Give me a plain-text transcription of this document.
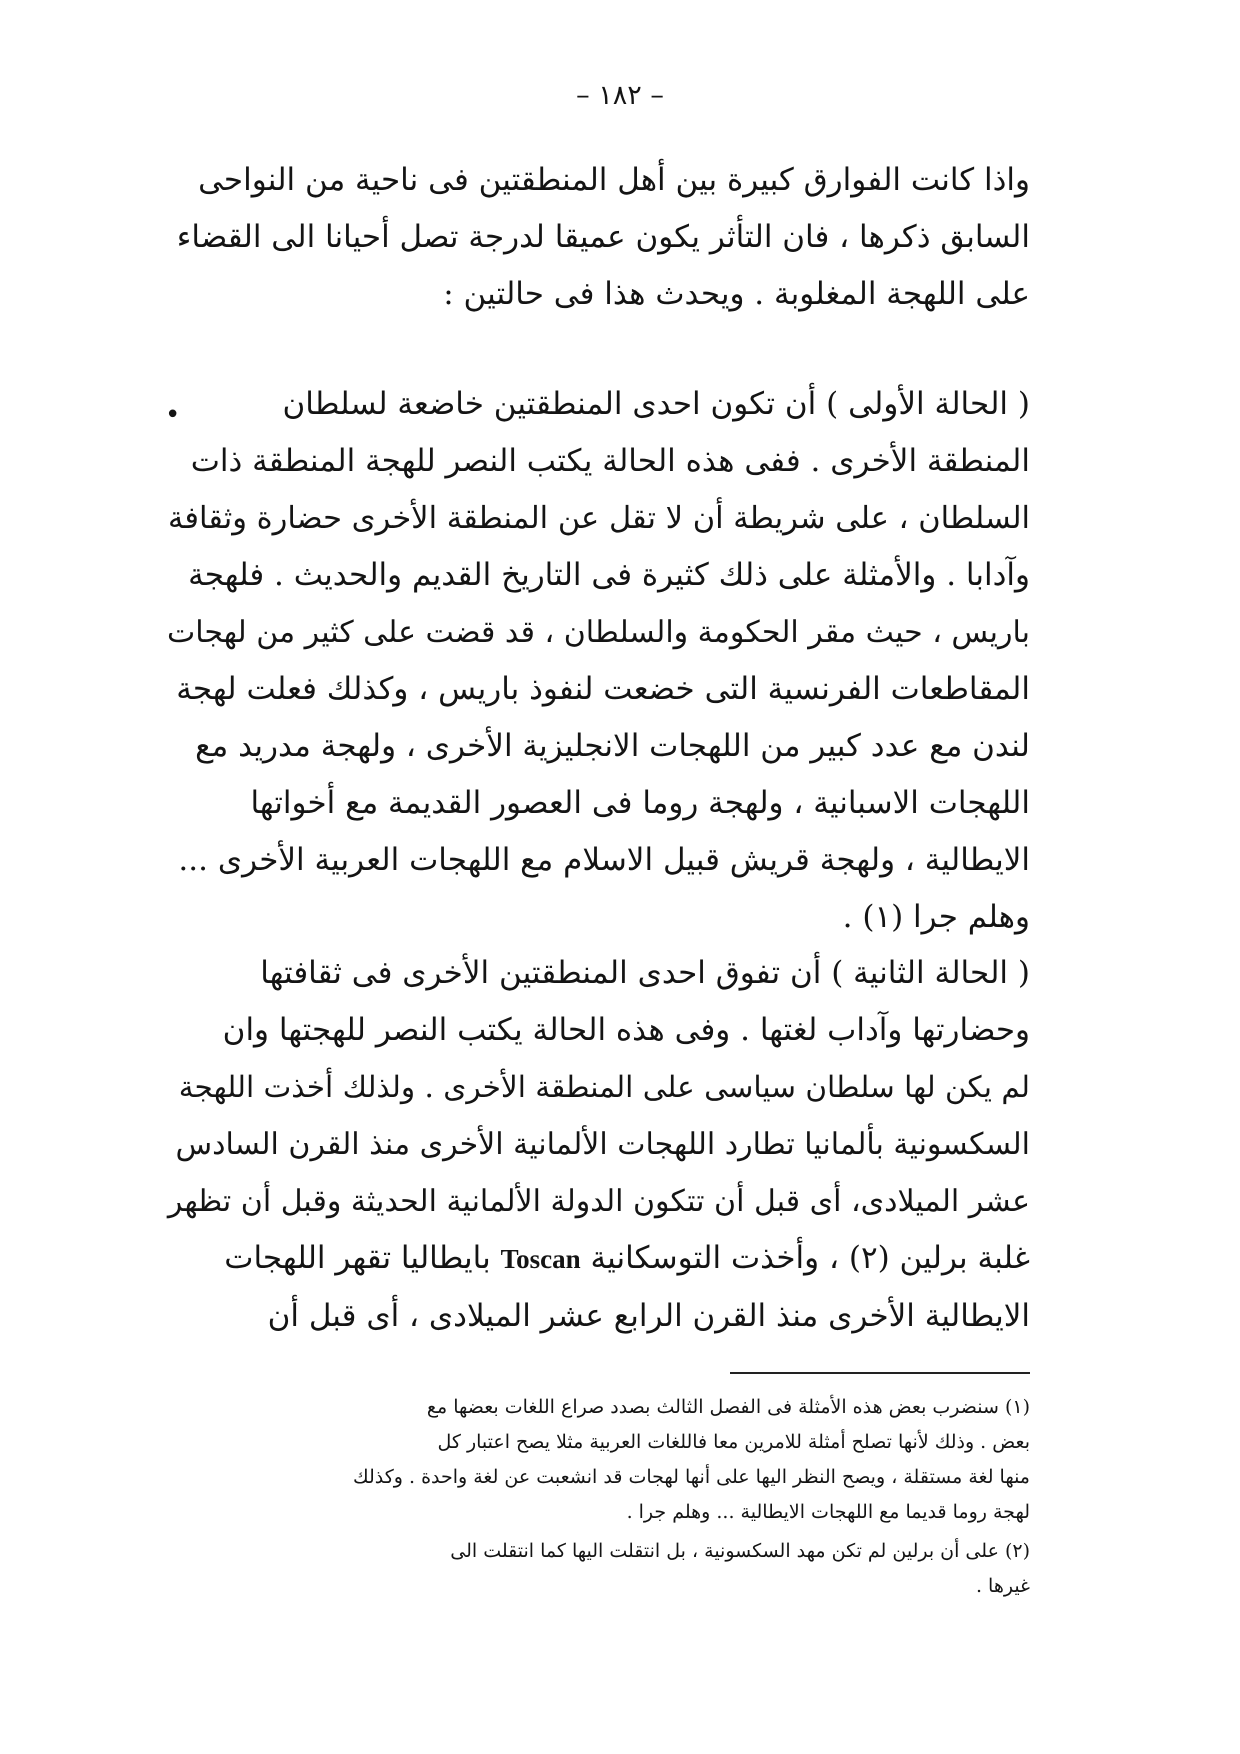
– ١٨٢ –
واذا كانت الفوارق كبيرة بين أهل المنطقتين فى ناحية من النواحى
السابق ذكرها ، فان التأثر يكون عميقا لدرجة تصل أحيانا الى القضاء
على اللهجة المغلوبة . ويحدث هذا فى حالتين :
•	( الحالة الأولى ) أن تكون احدى المنطقتين خاضعة لسلطان
المنطقة الأخرى . ففى هذه الحالة يكتب النصر للهجة المنطقة ذات
السلطان ، على شريطة أن لا تقل عن المنطقة الأخرى حضارة وثقافة
وآدابا . والأمثلة على ذلك كثيرة فى التاريخ القديم والحديث . فلهجة
باريس ، حيث مقر الحكومة والسلطان ، قد قضت على كثير من لهجات
المقاطعات الفرنسية التى خضعت لنفوذ باريس ، وكذلك فعلت لهجة
لندن مع عدد كبير من اللهجات الانجليزية الأخرى ، ولهجة مدريد مع
اللهجات الاسبانية ، ولهجة روما فى العصور القديمة مع أخواتها
الايطالية ، ولهجة قريش قبيل الاسلام مع اللهجات العربية الأخرى ...
وهلم جرا (١) .
( الحالة الثانية ) أن تفوق احدى المنطقتين الأخرى فى ثقافتها
وحضارتها وآداب لغتها . وفى هذه الحالة يكتب النصر للهجتها وان
لم يكن لها سلطان سياسى على المنطقة الأخرى . ولذلك أخذت اللهجة
السكسونية بألمانيا تطارد اللهجات الألمانية الأخرى منذ القرن السادس
عشر الميلادى، أى قبل أن تتكون الدولة الألمانية الحديثة وقبل أن تظهر
غلبة برلين (٢) ، وأخذت التوسكانية Toscan بايطاليا تقهر اللهجات
الايطالية الأخرى منذ القرن الرابع عشر الميلادى ، أى قبل أن
(١) سنضرب بعض هذه الأمثلة فى الفصل الثالث بصدد صراع اللغات بعضها مع
بعض . وذلك لأنها تصلح أمثلة للامرين معا فاللغات العربية مثلا يصح اعتبار كل
منها لغة مستقلة ، ويصح النظر اليها على أنها لهجات قد انشعبت عن لغة واحدة . وكذلك
لهجة روما قديما مع اللهجات الايطالية ... وهلم جرا .
(٢) على أن برلين لم تكن مهد السكسونية ، بل انتقلت اليها كما انتقلت الى
غيرها .
